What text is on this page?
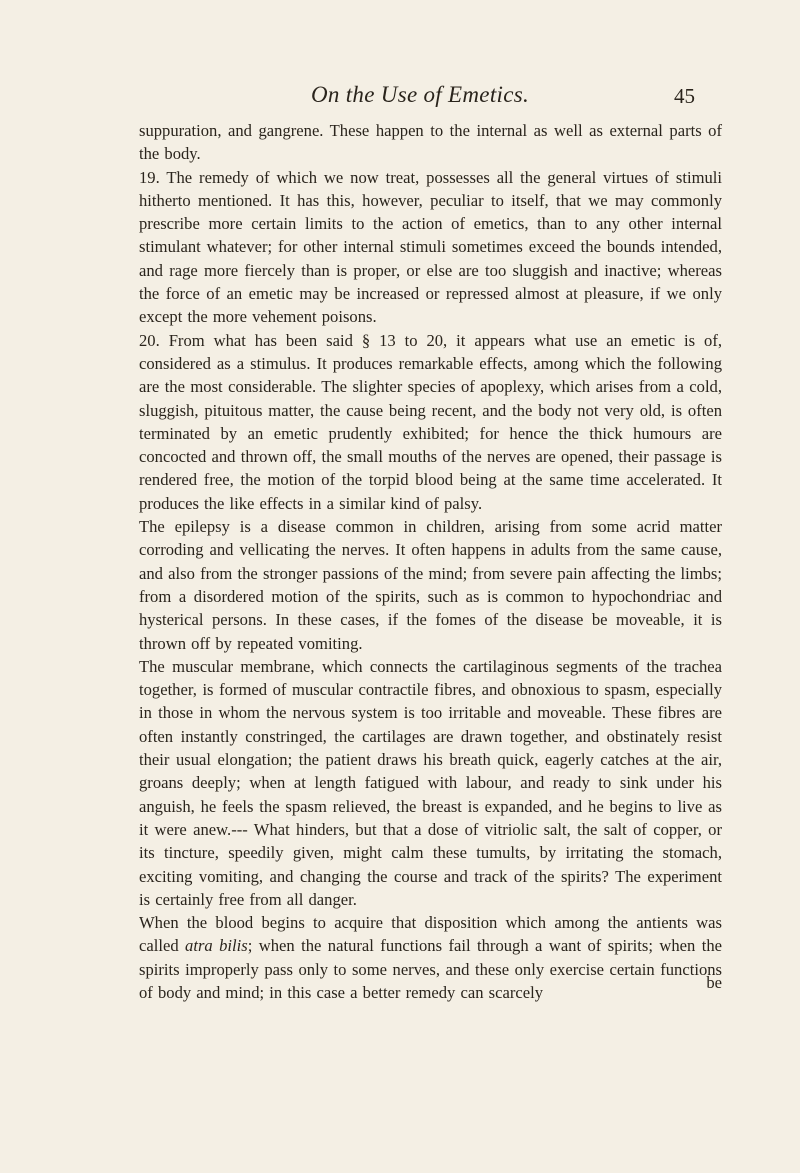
On the Use of Emetics.	45

suppuration, and gangrene. These happen to the internal as well as external parts of the body.

19. The remedy of which we now treat, possesses all the general virtues of stimuli hitherto mentioned. It has this, however, peculiar to itself, that we may commonly prescribe more certain limits to the action of emetics, than to any other internal stimulant whatever; for other internal stimuli sometimes exceed the bounds intended, and rage more fiercely than is proper, or else are too sluggish and inactive; whereas the force of an emetic may be increased or repressed almost at pleasure, if we only except the more vehement poisons.

20. From what has been said § 13 to 20, it appears what use an emetic is of, considered as a stimulus. It produces remarkable effects, among which the following are the most considerable. The slighter species of apoplexy, which arises from a cold, sluggish, pituitous matter, the cause being recent, and the body not very old, is often terminated by an emetic prudently exhibited; for hence the thick humours are concocted and thrown off, the small mouths of the nerves are opened, their passage is rendered free, the motion of the torpid blood being at the same time accelerated. It produces the like effects in a similar kind of palsy.

The epilepsy is a disease common in children, arising from some acrid matter corroding and vellicating the nerves. It often happens in adults from the same cause, and also from the stronger passions of the mind; from severe pain affecting the limbs; from a disordered motion of the spirits, such as is common to hypochondriac and hysterical persons. In these cases, if the fomes of the disease be moveable, it is thrown off by repeated vomiting.

The muscular membrane, which connects the cartilaginous segments of the trachea together, is formed of muscular contractile fibres, and obnoxious to spasm, especially in those in whom the nervous system is too irritable and moveable. These fibres are often instantly constringed, the cartilages are drawn together, and obstinately resist their usual elongation; the patient draws his breath quick, eagerly catches at the air, groans deeply; when at length fatigued with labour, and ready to sink under his anguish, he feels the spasm relieved, the breast is expanded, and he begins to live as it were anew.--- What hinders, but that a dose of vitriolic salt, the salt of copper, or its tincture, speedily given, might calm these tumults, by irritating the stomach, exciting vomiting, and changing the course and track of the spirits? The experiment is certainly free from all danger.

When the blood begins to acquire that disposition which among the antients was called atra bilis; when the natural functions fail through a want of spirits; when the spirits improperly pass only to some nerves, and these only exercise certain functions of body and mind; in this case a better remedy can scarcely

be
